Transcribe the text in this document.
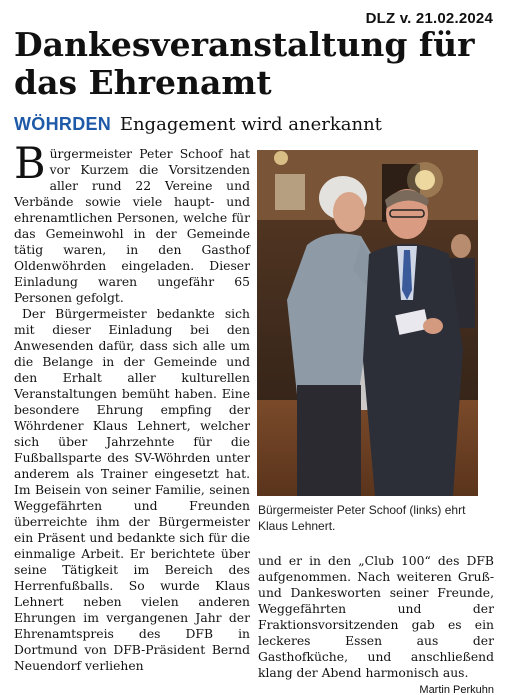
DLZ v. 21.02.2024
Dankesveranstaltung für das Ehrenamt
WÖHRDEN Engagement wird anerkannt

Bürgermeister Peter Schoof hat vor Kurzem die Vorsitzenden aller rund 22 Vereine und Verbände sowie viele haupt- und ehrenamtlichen Personen, welche für das Gemeinwohl in der Gemeinde tätig waren, in den Gasthof Oldenwöhrden eingeladen. Dieser Einladung waren ungefähr 65 Personen gefolgt.

Der Bürgermeister bedankte sich mit dieser Einladung bei den Anwesenden dafür, dass sich alle um die Belange in der Gemeinde und den Erhalt aller kulturellen Veranstaltungen bemüht haben. Eine besondere Ehrung empfing der Wöhrdener Klaus Lehnert, welcher sich über Jahrzehnte für die Fußballsparte des SV-Wöhrden unter anderem als Trainer eingesetzt hat. Im Beisein von seiner Familie, seinen Weggefährten und Freunden überreichte ihm der Bürgermeister ein Präsent und bedankte sich für die einmalige Arbeit. Er berichtete über seine Tätigkeit im Bereich des Herrenfußballs. So wurde Klaus Lehnert neben vielen anderen Ehrungen im vergangenen Jahr der Ehrenamtspreis des DFB in Dortmund von DFB-Präsident Bernd Neuendorf verliehen

Bürgermeister Peter Schoof (links) ehrt Klaus Lehnert.

und er in den „Club 100“ des DFB aufgenommen. Nach weiteren Gruß- und Dankesworten seiner Freunde, Weggefährten und der Fraktionsvorsitzenden gab es ein leckeres Essen aus der Gasthofküche, und anschließend klang der Abend harmonisch aus.
Martin Perkuhn
